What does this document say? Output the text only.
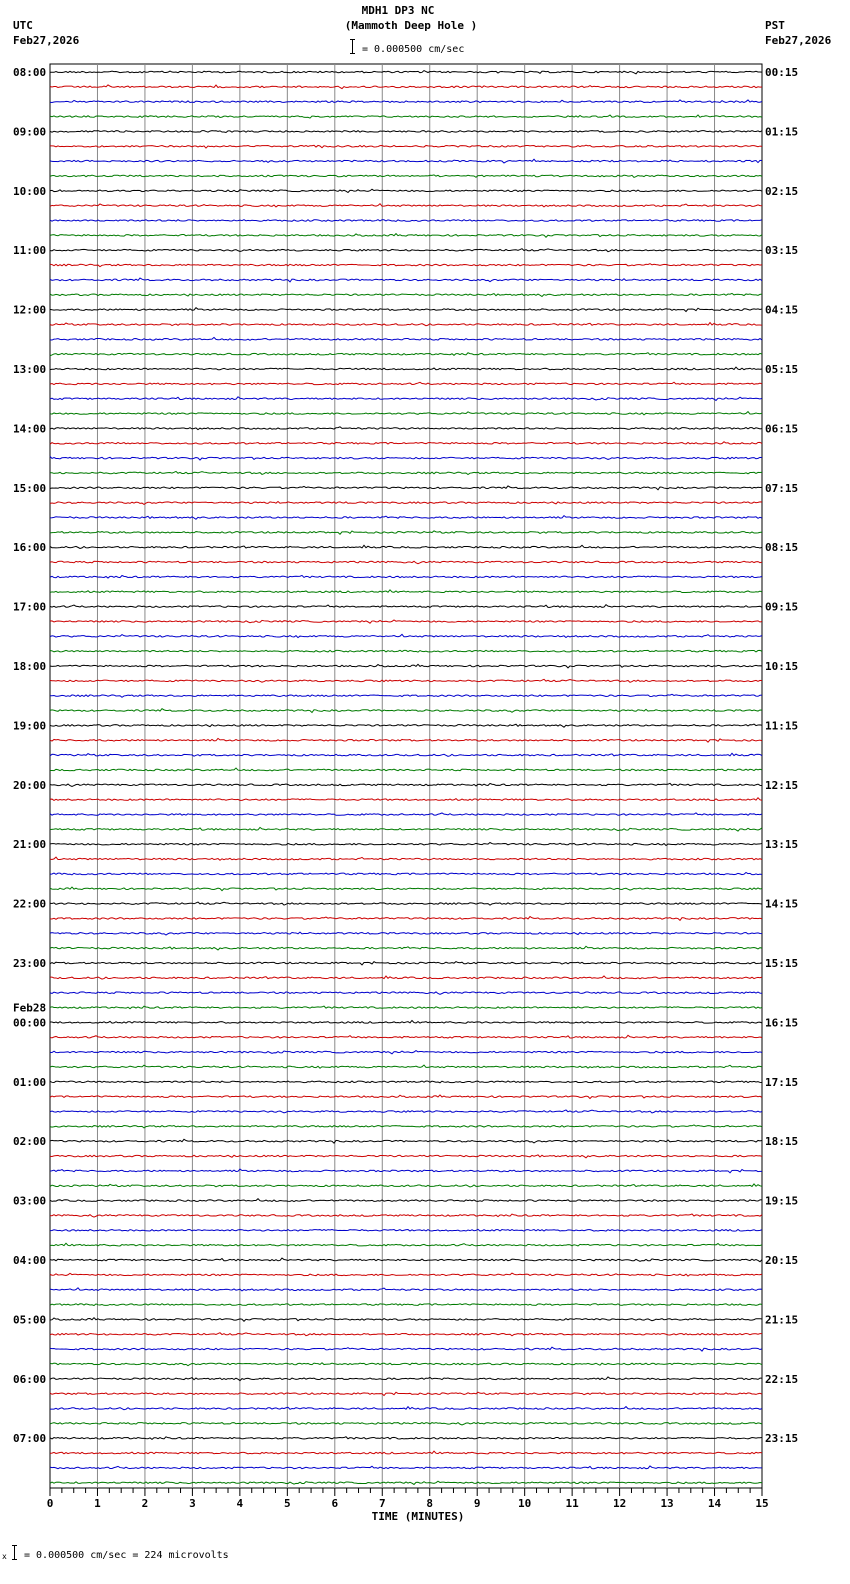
MDH1 DP3 NC
(Mammoth Deep Hole )
UTC
Feb27,2026
PST
Feb27,2026
= 0.000500 cm/sec
08:00
09:00
10:00
11:00
12:00
13:00
14:00
15:00
16:00
17:00
18:00
19:00
20:00
21:00
22:00
23:00
00:00
01:00
02:00
03:00
04:00
05:00
06:00
07:00
Feb28
00:15
01:15
02:15
03:15
04:15
05:15
06:15
07:15
08:15
09:15
10:15
11:15
12:15
13:15
14:15
15:15
16:15
17:15
18:15
19:15
20:15
21:15
22:15
23:15
0	1	2	3	4	5	6	7	8	9	10	11	12	13	14	15
TIME (MINUTES)
x = 0.000500 cm/sec = 224 microvolts
